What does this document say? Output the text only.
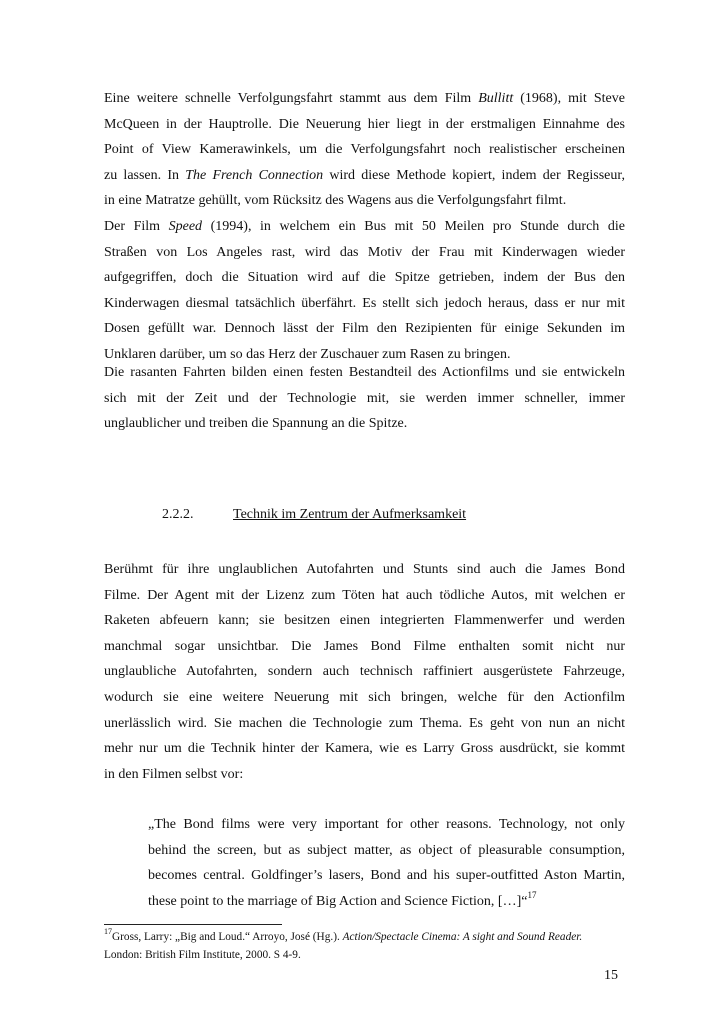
Eine weitere schnelle Verfolgungsfahrt stammt aus dem Film Bullitt (1968), mit Steve
McQueen in der Hauptrolle. Die Neuerung hier liegt in der erstmaligen Einnahme des
Point of View Kamerawinkels, um die Verfolgungsfahrt noch realistischer erscheinen
zu lassen. In The French Connection wird diese Methode kopiert, indem der Regisseur,
in eine Matratze gehüllt, vom Rücksitz des Wagens aus die Verfolgungsfahrt filmt.
Der Film Speed (1994), in welchem ein Bus mit 50 Meilen pro Stunde durch die
Straßen von Los Angeles rast, wird das Motiv der Frau mit Kinderwagen wieder
aufgegriffen, doch die Situation wird auf die Spitze getrieben, indem der Bus den
Kinderwagen diesmal tatsächlich überfährt. Es stellt sich jedoch heraus, dass er nur mit
Dosen gefüllt war. Dennoch lässt der Film den Rezipienten für einige Sekunden im
Unklaren darüber, um so das Herz der Zuschauer zum Rasen zu bringen.
Die rasanten Fahrten bilden einen festen Bestandteil des Actionfilms und sie entwickeln
sich mit der Zeit und der Technologie mit, sie werden immer schneller, immer
unglaublicher und treiben die Spannung an die Spitze.
2.2.2.	Technik im Zentrum der Aufmerksamkeit
Berühmt für ihre unglaublichen Autofahrten und Stunts sind auch die James Bond
Filme. Der Agent mit der Lizenz zum Töten hat auch tödliche Autos, mit welchen er
Raketen abfeuern kann; sie besitzen einen integrierten Flammenwerfer und werden
manchmal sogar unsichtbar. Die James Bond Filme enthalten somit nicht nur
unglaubliche Autofahrten, sondern auch technisch raffiniert ausgerüstete Fahrzeuge,
wodurch sie eine weitere Neuerung mit sich bringen, welche für den Actionfilm
unerlässlich wird. Sie machen die Technologie zum Thema. Es geht von nun an nicht
mehr nur um die Technik hinter der Kamera, wie es Larry Gross ausdrückt, sie kommt
in den Filmen selbst vor:
„The Bond films were very important for other reasons. Technology, not only
behind the screen, but as subject matter, as object of pleasurable consumption,
becomes central. Goldfinger’s lasers, Bond and his super-outfitted Aston Martin,
these point to the marriage of Big Action and Science Fiction, […]“$^{17}$
$^{17}$Gross, Larry: „Big and Loud.“ Arroyo, José (Hg.). Action/Spectacle Cinema: A sight and Sound Reader.
London: British Film Institute, 2000. S 4-9.
15
